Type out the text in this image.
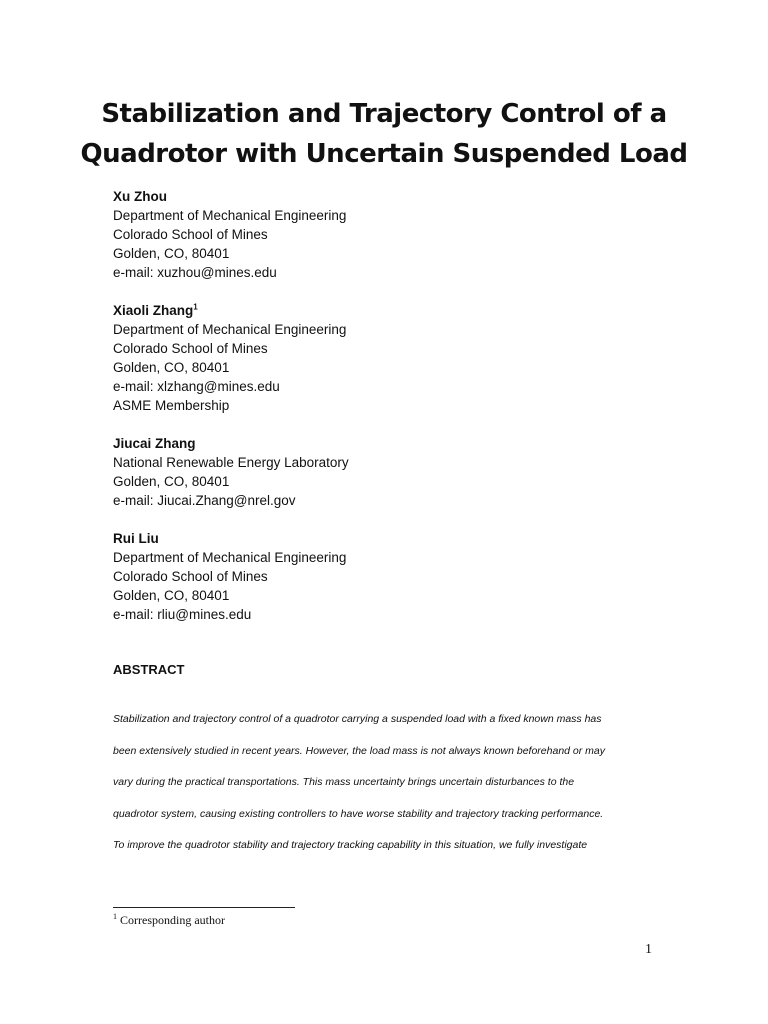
Stabilization and Trajectory Control of a
Quadrotor with Uncertain Suspended Load
Xu Zhou
Department of Mechanical Engineering
Colorado School of Mines
Golden, CO, 80401
e-mail: xuzhou@mines.edu
Xiaoli Zhang$^1$
Department of Mechanical Engineering
Colorado School of Mines
Golden, CO, 80401
e-mail: xlzhang@mines.edu
ASME Membership
Jiucai Zhang
National Renewable Energy Laboratory
Golden, CO, 80401
e-mail: Jiucai.Zhang@nrel.gov
Rui Liu
Department of Mechanical Engineering
Colorado School of Mines
Golden, CO, 80401
e-mail: rliu@mines.edu
ABSTRACT
Stabilization and trajectory control of a quadrotor carrying a suspended load with a fixed known mass has
been extensively studied in recent years. However, the load mass is not always known beforehand or may
vary during the practical transportations. This mass uncertainty brings uncertain disturbances to the
quadrotor system, causing existing controllers to have worse stability and trajectory tracking performance.
To improve the quadrotor stability and trajectory tracking capability in this situation, we fully investigate
$^1$ Corresponding author
1
